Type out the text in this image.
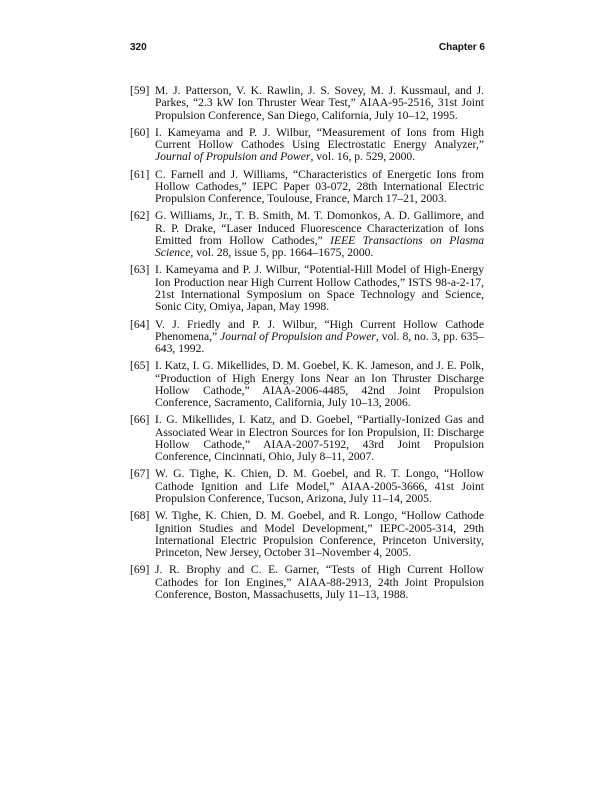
320	Chapter 6
[59] M. J. Patterson, V. K. Rawlin, J. S. Sovey, M. J. Kussmaul, and J. Parkes, “2.3 kW Ion Thruster Wear Test,” AIAA-95-2516, 31st Joint Propulsion Conference, San Diego, California, July 10–12, 1995.
[60] I. Kameyama and P. J. Wilbur, “Measurement of Ions from High Current Hollow Cathodes Using Electrostatic Energy Analyzer,” Journal of Propulsion and Power, vol. 16, p. 529, 2000.
[61] C. Farnell and J. Williams, “Characteristics of Energetic Ions from Hollow Cathodes,” IEPC Paper 03-072, 28th International Electric Propulsion Conference, Toulouse, France, March 17–21, 2003.
[62] G. Williams, Jr., T. B. Smith, M. T. Domonkos, A. D. Gallimore, and R. P. Drake, “Laser Induced Fluorescence Characterization of Ions Emitted from Hollow Cathodes,” IEEE Transactions on Plasma Science, vol. 28, issue 5, pp. 1664–1675, 2000.
[63] I. Kameyama and P. J. Wilbur, “Potential-Hill Model of High-Energy Ion Production near High Current Hollow Cathodes,” ISTS 98-a-2-17, 21st International Symposium on Space Technology and Science, Sonic City, Omiya, Japan, May 1998.
[64] V. J. Friedly and P. J. Wilbur, “High Current Hollow Cathode Phenomena,” Journal of Propulsion and Power, vol. 8, no. 3, pp. 635–643, 1992.
[65] I. Katz, I. G. Mikellides, D. M. Goebel, K. K. Jameson, and J. E. Polk, “Production of High Energy Ions Near an Ion Thruster Discharge Hollow Cathode,” AIAA-2006-4485, 42nd Joint Propulsion Conference, Sacramento, California, July 10–13, 2006.
[66] I. G. Mikellides, I. Katz, and D. Goebel, “Partially-Ionized Gas and Associated Wear in Electron Sources for Ion Propulsion, II: Discharge Hollow Cathode,” AIAA-2007-5192, 43rd Joint Propulsion Conference, Cincinnati, Ohio, July 8–11, 2007.
[67] W. G. Tighe, K. Chien, D. M. Goebel, and R. T. Longo, “Hollow Cathode Ignition and Life Model,” AIAA-2005-3666, 41st Joint Propulsion Conference, Tucson, Arizona, July 11–14, 2005.
[68] W. Tighe, K. Chien, D. M. Goebel, and R. Longo, “Hollow Cathode Ignition Studies and Model Development,” IEPC-2005-314, 29th International Electric Propulsion Conference, Princeton University, Princeton, New Jersey, October 31–November 4, 2005.
[69] J. R. Brophy and C. E. Garner, “Tests of High Current Hollow Cathodes for Ion Engines,” AIAA-88-2913, 24th Joint Propulsion Conference, Boston, Massachusetts, July 11–13, 1988.
